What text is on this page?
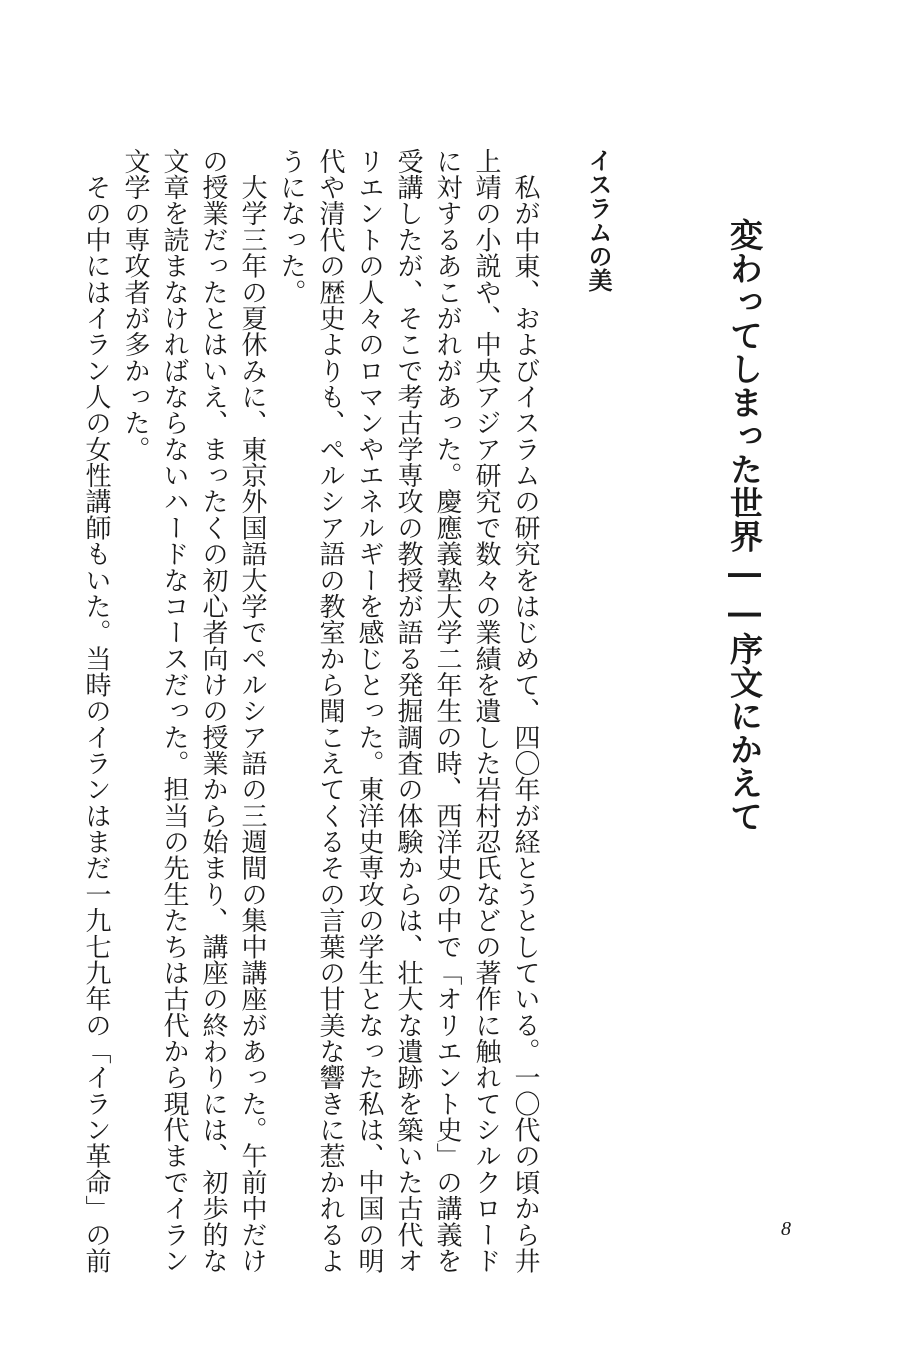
変わってしまった世界――序文にかえて
イスラムの美

　私が中東、およびイスラムの研究をはじめて、四〇年が経とうとしている。一〇代の頃から井
上靖の小説や、中央アジア研究で数々の業績を遺した岩村忍氏などの著作に触れてシルクロード
に対するあこがれがあった。慶應義塾大学二年生の時、西洋史の中で「オリエント史」の講義を
受講したが、そこで考古学専攻の教授が語る発掘調査の体験からは、壮大な遺跡を築いた古代オ
リエントの人々のロマンやエネルギーを感じとった。東洋史専攻の学生となった私は、中国の明
代や清代の歴史よりも、ペルシア語の教室から聞こえてくるその言葉の甘美な響きに惹かれるよ
うになった。
　大学三年の夏休みに、東京外国語大学でペルシア語の三週間の集中講座があった。午前中だけ
の授業だったとはいえ、まったくの初心者向けの授業から始まり、講座の終わりには、初歩的な
文章を読まなければならないハードなコースだった。担当の先生たちは古代から現代までイラン
文学の専攻者が多かった。
　その中にはイラン人の女性講師もいた。当時のイランはまだ一九七九年の「イラン革命」の前	8
